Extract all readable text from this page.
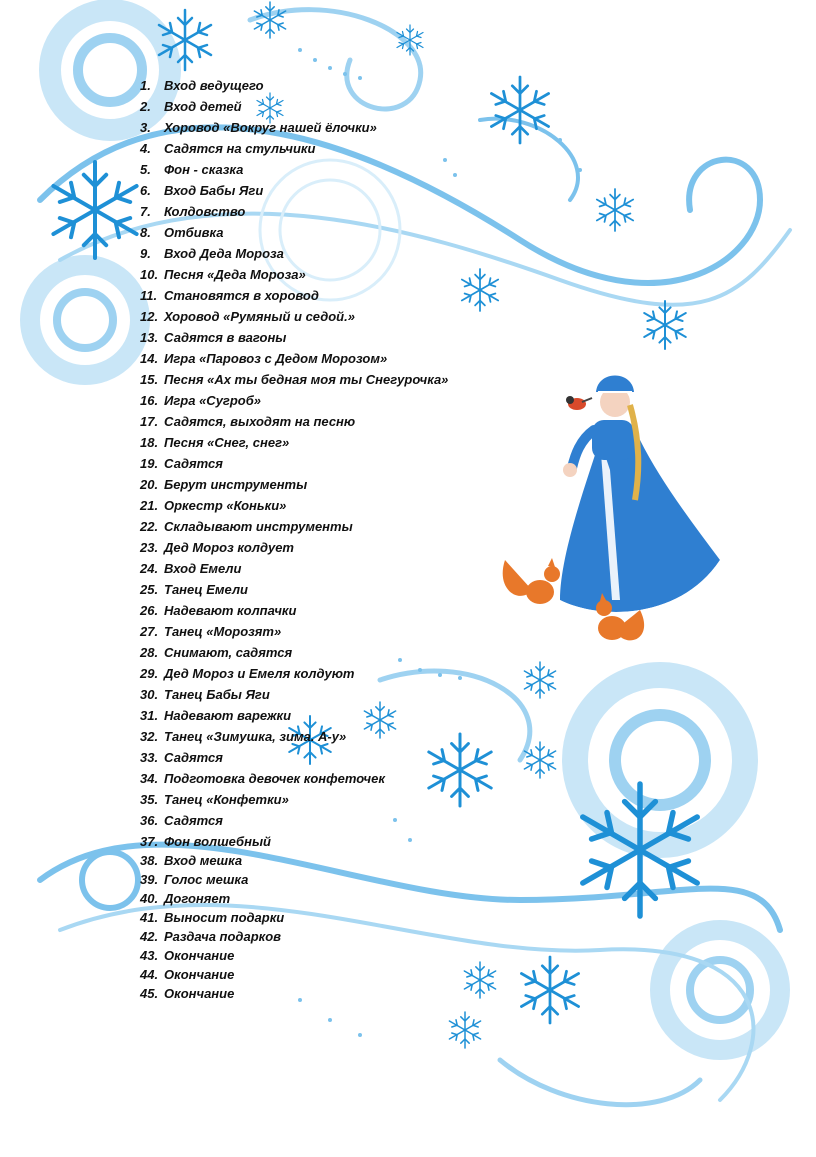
1.	Вход ведущего
2.	Вход детей
3.	Хоровод «Вокруг нашей ёлочки»
4.	Садятся на стульчики
5.	Фон - сказка
6.	Вход Бабы Яги
7.	Колдовство
8.	Отбивка
9.	Вход Деда Мороза
10. Песня «Деда Мороза»
11. Становятся в хоровод
12. Хоровод «Румяный и седой.»
13. Садятся в вагоны
14. Игра «Паровоз с Дедом Морозом»
15. Песня «Ах ты бедная моя ты Снегурочка»
16. Игра «Сугроб»
17. Садятся, выходят на песню
18. Песня «Снег, снег»
19. Садятся
20. Берут инструменты
21. Оркестр «Коньки»
22. Складывают инструменты
23. Дед Мороз колдует
24. Вход Емели
25. Танец Емели
26. Надевают колпачки
27. Танец «Морозят»
28. Снимают, садятся
29. Дед Мороз и Емеля колдуют
30. Танец Бабы Яги
31. Надевают варежки
32. Танец «Зимушка, зима. А-у»
33. Садятся
34. Подготовка девочек конфеточек
35. Танец «Конфетки»
36. Садятся
37. Фон волшебный
38. Вход мешка
39. Голос мешка
40. Догоняет
41. Выносит подарки
42. Раздача подарков
43. Окончание
44. Окончание
45. Окончание
